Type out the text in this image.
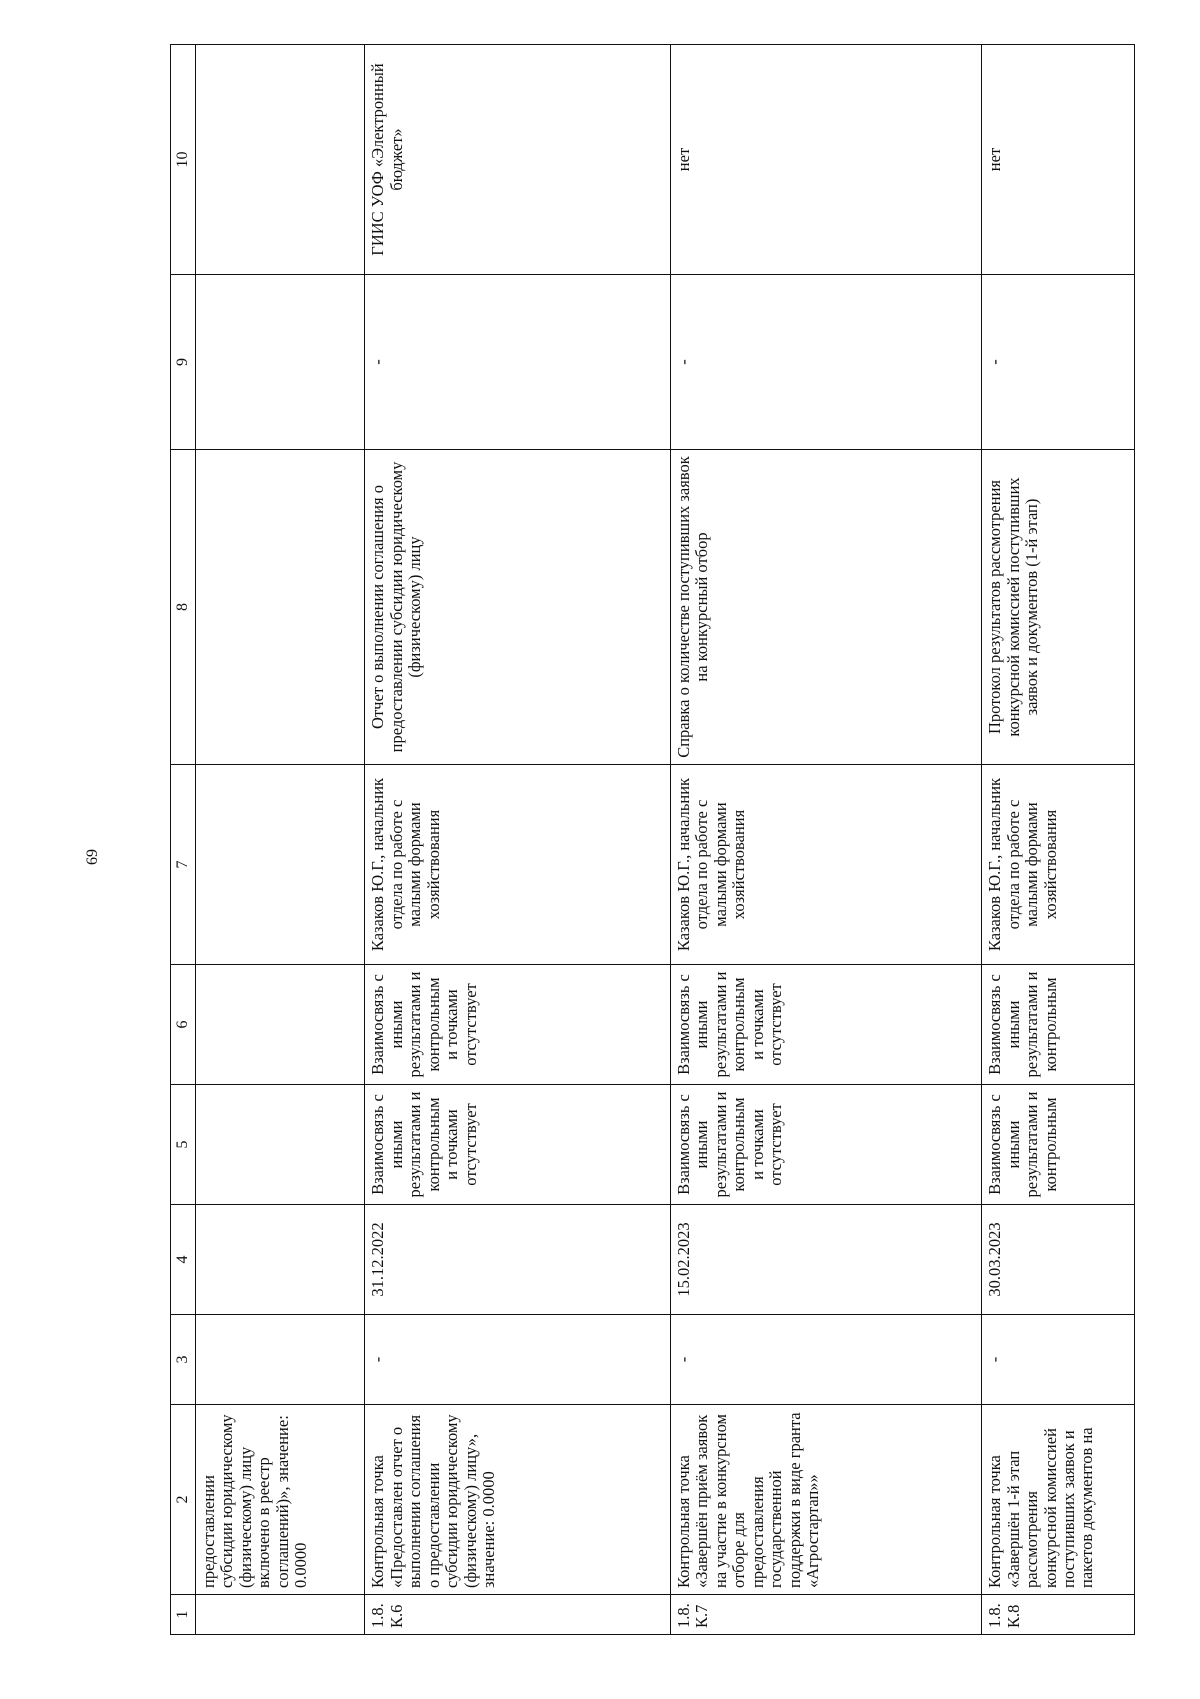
69
1	2	3	4	5	6	7	8	9	10
	предоставлении субсидии юридическому (физическому) лицу включено в реестр соглашений)», значение: 0.0000								
1.8. К.6	Контрольная точка «Предоставлен отчет о выполнении соглашения о предоставлении субсидии юридическому (физическому) лицу», значение: 0.0000	-	31.12.2022	Взаимосвязь с иными результатами и контрольным и точками отсутствует	Взаимосвязь с иными результатами и контрольным и точками отсутствует	Казаков Ю.Г., начальник отдела по работе с малыми формами хозяйствования	Отчет о выполнении соглашения о предоставлении субсидии юридическому (физическому) лицу	-	ГИИС УОФ «Электронный бюджет»
1.8. К.7	Контрольная точка «Завершён приём заявок на участие в конкурсном отборе для предоставления государственной поддержки в виде гранта «Агростартап»»	-	15.02.2023	Взаимосвязь с иными результатами и контрольным и точками отсутствует	Взаимосвязь с иными результатами и контрольным и точками отсутствует	Казаков Ю.Г., начальник отдела по работе с малыми формами хозяйствования	Справка о количестве поступивших заявок на конкурсный отбор	-	нет
1.8. К.8	Контрольная точка «Завершён 1-й этап рассмотрения конкурсной комиссией поступивших заявок и пакетов документов на	-	30.03.2023	Взаимосвязь с иными результатами и контрольным	Взаимосвязь с иными результатами и контрольным	Казаков Ю.Г., начальник отдела по работе с малыми формами хозяйствования	Протокол результатов рассмотрения конкурсной комиссией поступивших заявок и документов (1-й этап)	-	нет
